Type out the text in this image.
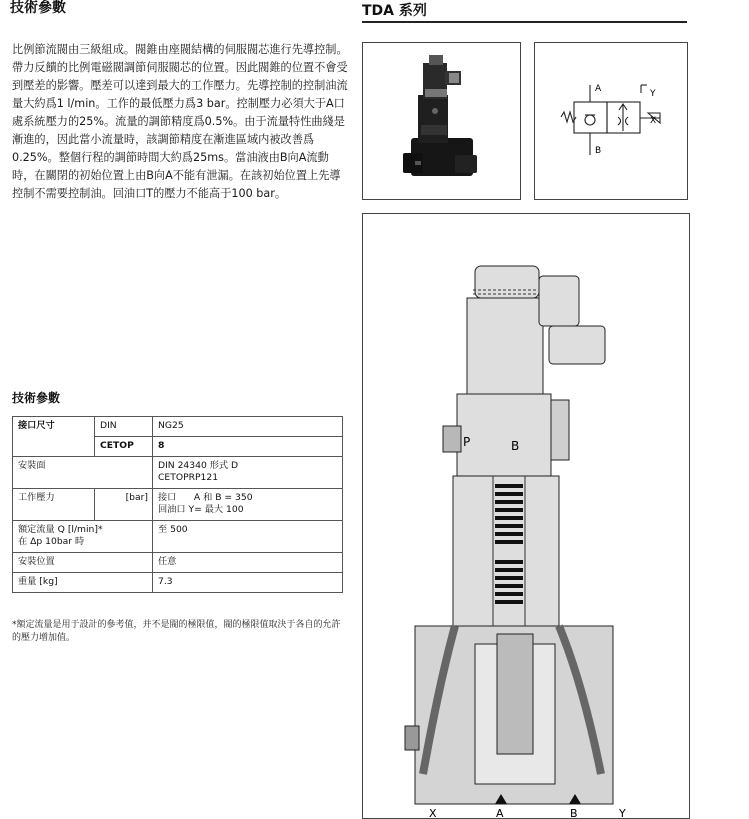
技術參數	TDA 系列

比例節流閥由三級組成。閥錐由座閥結構的伺服閥芯進行先導控制。帶力反饋的比例電磁閥調節伺服閥芯的位置。因此閥錐的位置不會受到壓差的影響。壓差可以達到最大的工作壓力。先導控制的控制油流量大約爲1 l/min。工作的最低壓力爲3 bar。控制壓力必須大于A口處系統壓力的25%。流量的調節精度爲0.5%。由于流量特性曲綫是漸進的，因此當小流量時，該調節精度在漸進區域内被改善爲0.25%。整個行程的調節時間大約爲25ms。當油液由B向A流動時，在關閉的初始位置上由B向A不能有泄漏。在該初始位置上先導控制不需要控制油。回油口T的壓力不能高于100 bar。

技術參數
接口尺寸	DIN	NG25
	CETOP	8
安裝面		DIN 24340 形式 D
CETOPRP121

工作壓力	[bar]	接口      A 和 B = 350
回油口 Y= 最大 100

額定流量 Q [l/min]*
在 Δp 10bar 時		至 500
安裝位置		任意
重量 [kg]		7.3
*額定流量是用于設計的參考值，并不是閥的極限值，閥的極限值取決于各自的允許的壓力增加值。
A
B
Y
X
P	B
X	A	B	Y
